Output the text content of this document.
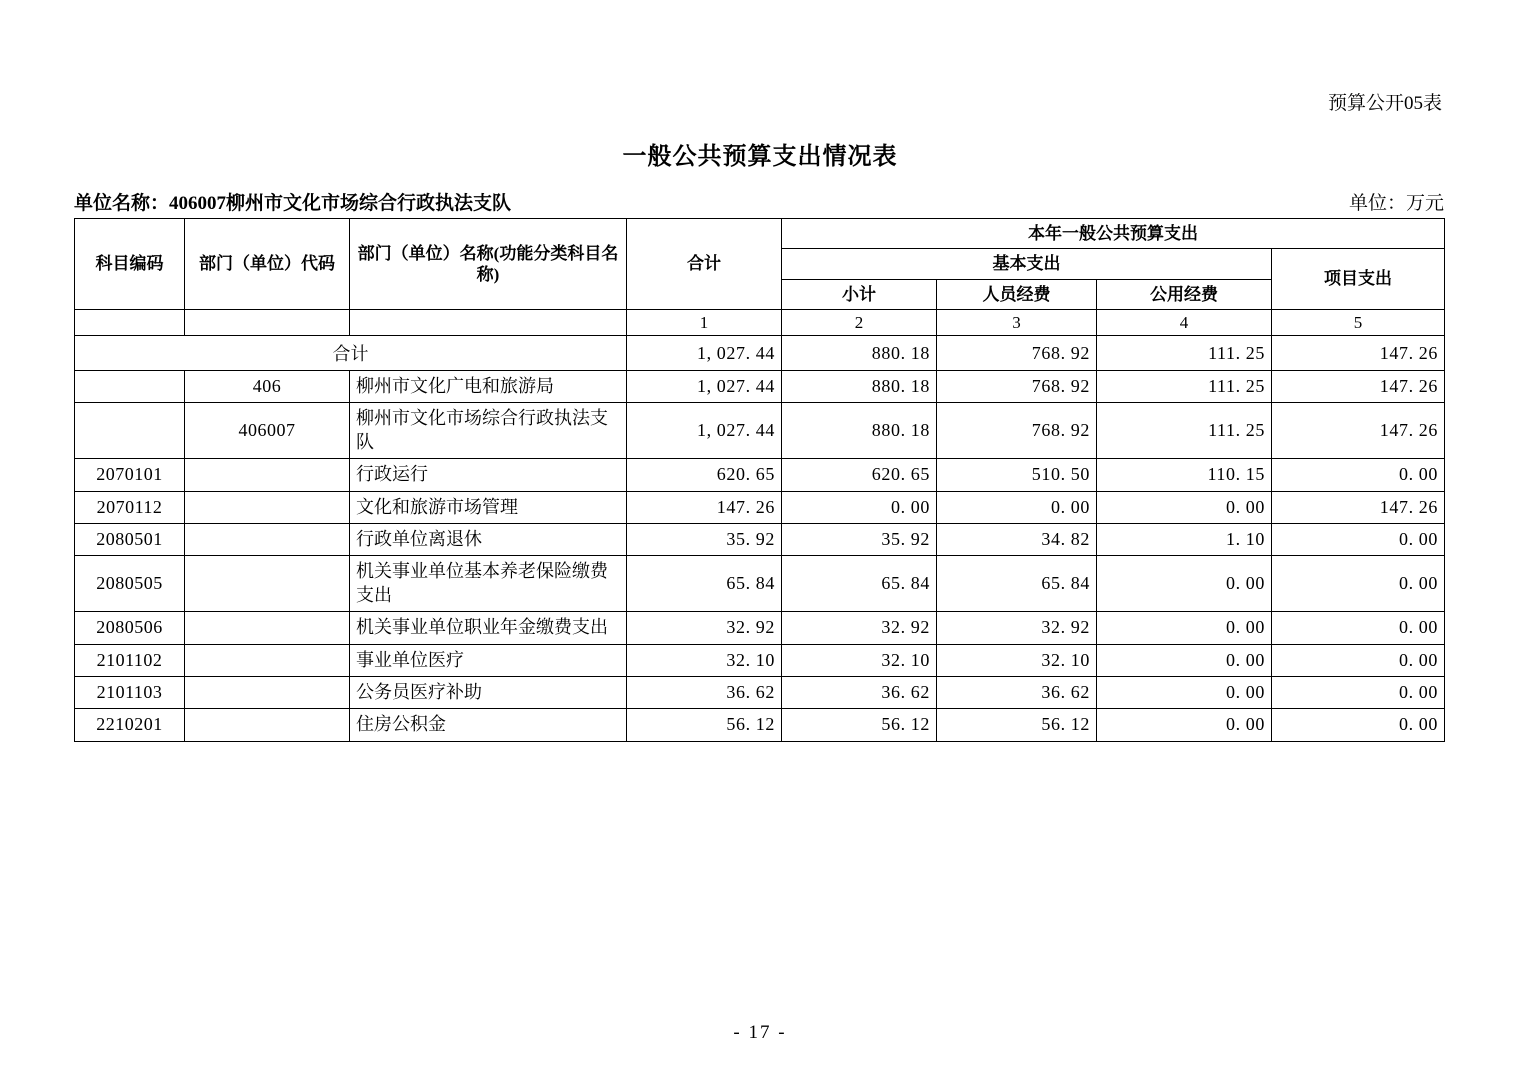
预算公开05表
一般公共预算支出情况表
单位名称：406007柳州市文化市场综合行政执法支队	单位：万元
科目编码	部门（单位）代码	部门（单位）名称(功能分类科目名称)	合计	本年一般公共预算支出			
				基本支出			项目支出
				小计	人员经费	公用经费	
			1	2	3	4	5
合计			1, 027. 44	880. 18	768. 92	111. 25	147. 26
	406	柳州市文化广电和旅游局	1, 027. 44	880. 18	768. 92	111. 25	147. 26
	406007	柳州市文化市场综合行政执法支队	1, 027. 44	880. 18	768. 92	111. 25	147. 26
2070101		行政运行	620. 65	620. 65	510. 50	110. 15	0. 00
2070112		文化和旅游市场管理	147. 26	0. 00	0. 00	0. 00	147. 26
2080501		行政单位离退休	35. 92	35. 92	34. 82	1. 10	0. 00
2080505		机关事业单位基本养老保险缴费支出	65. 84	65. 84	65. 84	0. 00	0. 00
2080506		机关事业单位职业年金缴费支出	32. 92	32. 92	32. 92	0. 00	0. 00
2101102		事业单位医疗	32. 10	32. 10	32. 10	0. 00	0. 00
2101103		公务员医疗补助	36. 62	36. 62	36. 62	0. 00	0. 00
2210201		住房公积金	56. 12	56. 12	56. 12	0. 00	0. 00
- 17 -
